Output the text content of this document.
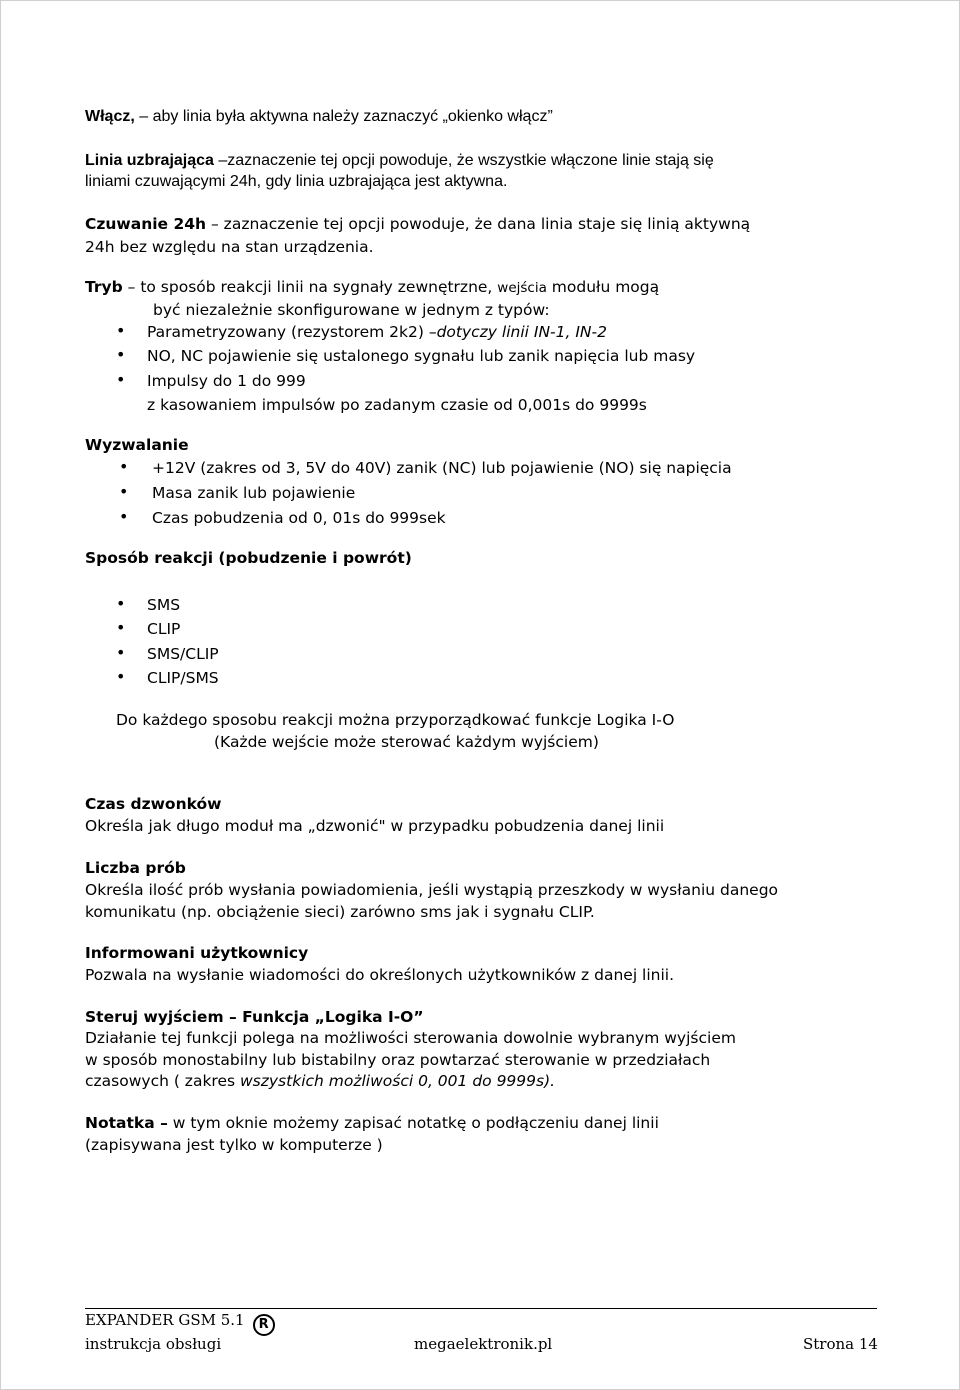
Włącz, – aby linia była aktywna należy zaznaczyć „okienko włącz”
Linia uzbrajająca –zaznaczenie tej opcji powoduje, że wszystkie włączone linie stają się
liniami czuwającymi 24h, gdy linia uzbrajająca jest aktywna.
Czuwanie 24h – zaznaczenie tej opcji powoduje, że dana linia staje się linią aktywną
24h bez względu na stan urządzenia.
Tryb – to sposób reakcji linii na sygnały zewnętrzne, wejścia modułu mogą
być niezależnie skonfigurowane w jednym z typów:
• Parametryzowany (rezystorem 2k2) –dotyczy linii IN-1, IN-2
• NO, NC pojawienie się ustalonego sygnału lub zanik napięcia lub masy
• Impulsy do 1 do 999
z kasowaniem impulsów po zadanym czasie od 0,001s do 9999s
Wyzwalanie
• +12V (zakres od 3, 5V do 40V) zanik (NC) lub pojawienie (NO) się napięcia
• Masa zanik lub pojawienie
• Czas pobudzenia od 0, 01s do 999sek
Sposób reakcji (pobudzenie i powrót)
• SMS
• CLIP
• SMS/CLIP
• CLIP/SMS
Do każdego sposobu reakcji można przyporządkować funkcje Logika I-O
(Każde wejście może sterować każdym wyjściem)
Czas dzwonków
Określa jak długo moduł ma „dzwonić" w przypadku pobudzenia danej linii
Liczba prób
Określa ilość prób wysłania powiadomienia, jeśli wystąpią przeszkody w wysłaniu danego
komunikatu (np. obciążenie sieci) zarówno sms jak i sygnału CLIP.
Informowani użytkownicy
Pozwala na wysłanie wiadomości do określonych użytkowników z danej linii.
Steruj wyjściem – Funkcja „Logika I-O”
Działanie tej funkcji polega na możliwości sterowania dowolnie wybranym wyjściem
w sposób monostabilny lub bistabilny oraz powtarzać sterowanie w przedziałach
czasowych ( zakres wszystkich możliwości 0, 001 do 9999s).
Notatka – w tym oknie możemy zapisać notatkę o podłączeniu danej linii
(zapisywana jest tylko w komputerze )
EXPANDER GSM 5.1 R
instrukcja obsługi	megaelektronik.pl	Strona 14
